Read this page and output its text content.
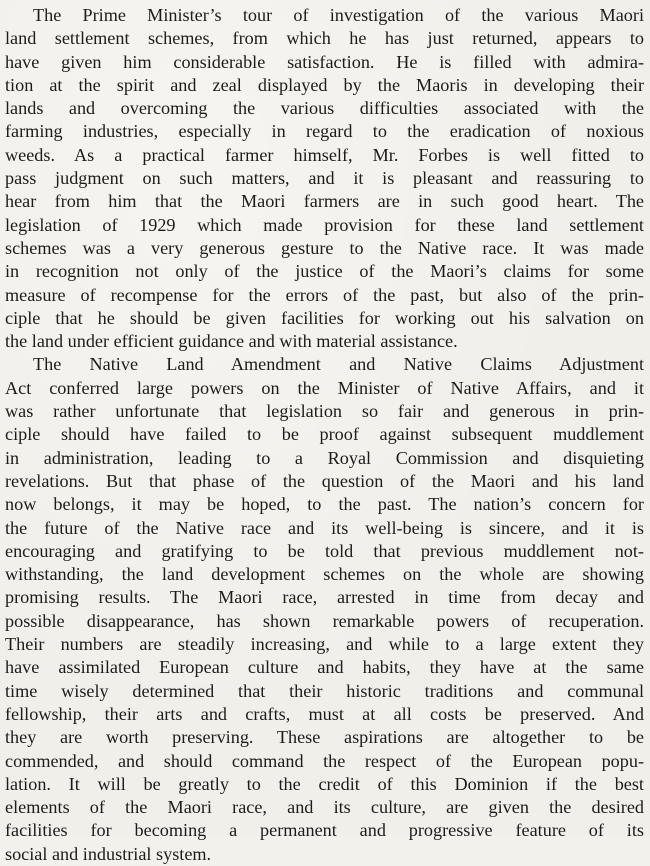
The Prime Minister’s tour of investigation of the various Maori
land settlement schemes, from which he has just returned, appears to
have given him considerable satisfaction. He is filled with admira-
tion at the spirit and zeal displayed by the Maoris in developing their
lands and overcoming the various difficulties associated with the
farming industries, especially in regard to the eradication of noxious
weeds. As a practical farmer himself, Mr. Forbes is well fitted to
pass judgment on such matters, and it is pleasant and reassuring to
hear from him that the Maori farmers are in such good heart. The
legislation of 1929 which made provision for these land settlement
schemes was a very generous gesture to the Native race. It was made
in recognition not only of the justice of the Maori’s claims for some
measure of recompense for the errors of the past, but also of the prin-
ciple that he should be given facilities for working out his salvation on
the land under efficient guidance and with material assistance.

The Native Land Amendment and Native Claims Adjustment
Act conferred large powers on the Minister of Native Affairs, and it
was rather unfortunate that legislation so fair and generous in prin-
ciple should have failed to be proof against subsequent muddlement
in administration, leading to a Royal Commission and disquieting
revelations. But that phase of the question of the Maori and his land
now belongs, it may be hoped, to the past. The nation’s concern for
the future of the Native race and its well-being is sincere, and it is
encouraging and gratifying to be told that previous muddlement not-
withstanding, the land development schemes on the whole are showing
promising results. The Maori race, arrested in time from decay and
possible disappearance, has shown remarkable powers of recuperation.
Their numbers are steadily increasing, and while to a large extent they
have assimilated European culture and habits, they have at the same
time wisely determined that their historic traditions and communal
fellowship, their arts and crafts, must at all costs be preserved. And
they are worth preserving. These aspirations are altogether to be
commended, and should command the respect of the European popu-
lation. It will be greatly to the credit of this Dominion if the best
elements of the Maori race, and its culture, are given the desired
facilities for becoming a permanent and progressive feature of its
social and industrial system.
